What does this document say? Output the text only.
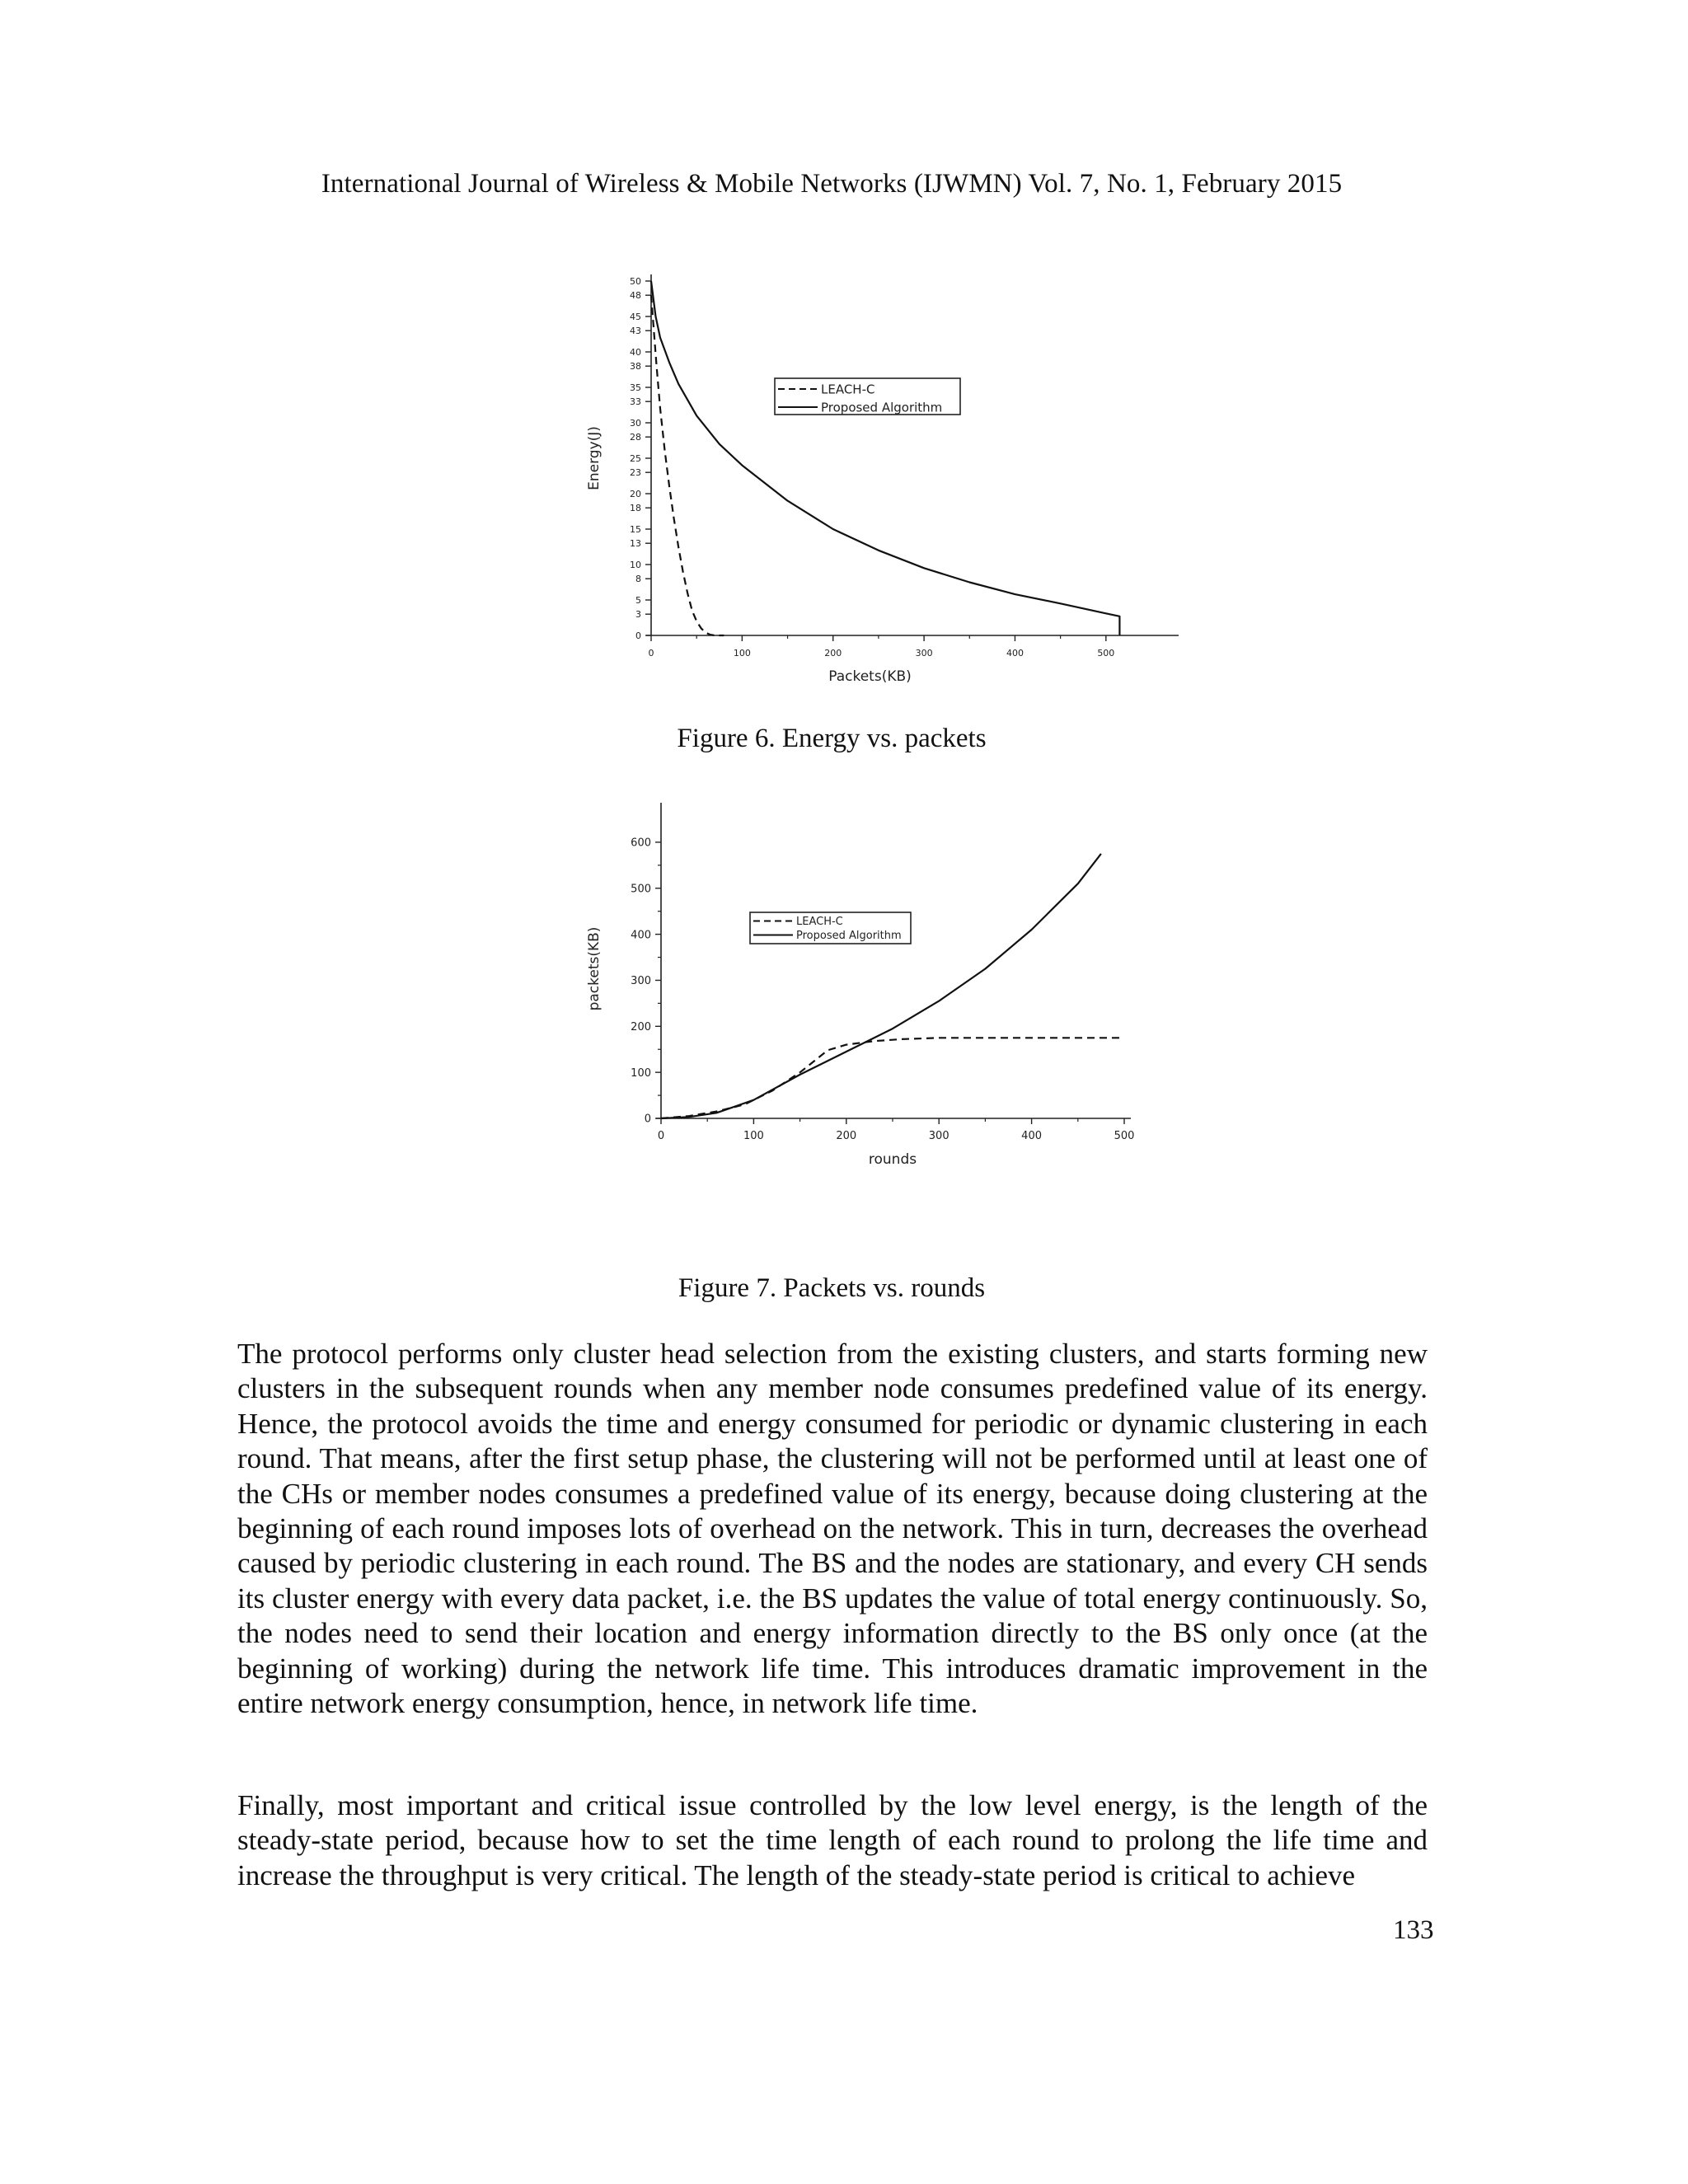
International Journal of Wireless & Mobile Networks (IJWMN) Vol. 7, No. 1, February 2015
0	100	200	300	400	500
0
3
5
8
10
13
15
18
20
23
25
28
30
33
35
38
40
43
45
48
50
Packets(KB)
Energy(J)
LEACH-C
Proposed Algorithm
Figure 6. Energy vs. packets
0	100	200	300	400	500
0
100
200
300
400
500
600
rounds
packets(KB)
LEACH-C
Proposed Algorithm
Figure 7. Packets vs. rounds
The protocol performs only cluster head selection from the existing clusters, and starts forming new clusters in the subsequent rounds when any member node consumes predefined value of its energy. Hence, the protocol avoids the time and energy consumed for periodic or dynamic clustering in each round. That means, after the first setup phase, the clustering will not be performed until at least one of the CHs or member nodes consumes a predefined value of its energy, because doing clustering at the beginning of each round imposes lots of overhead on the network. This in turn, decreases the overhead caused by periodic clustering in each round. The BS and the nodes are stationary, and every CH sends its cluster energy with every data packet, i.e. the BS updates the value of total energy continuously. So, the nodes need to send their location and energy information directly to the BS only once (at the beginning of working) during the network life time. This introduces dramatic improvement in the entire network energy consumption, hence, in network life time.
Finally, most important and critical issue controlled by the low level energy, is the length of the steady-state period, because how to set the time length of each round to prolong the life time and increase the throughput is very critical. The length of the steady-state period is critical to achieve
133
